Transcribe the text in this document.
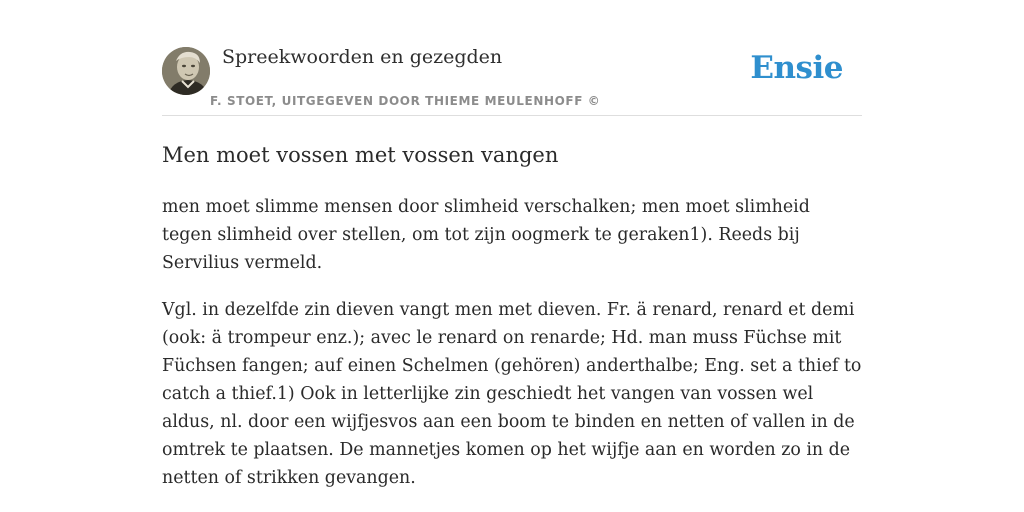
Spreekwoorden en gezegden
F. STOET, UITGEGEVEN DOOR THIEME MEULENHOFF ©
Ensie
Men moet vossen met vossen vangen

men moet slimme mensen door slimheid verschalken; men moet slimheid tegen slimheid over stellen, om tot zijn oogmerk te geraken1). Reeds bij Servilius vermeld.

Vgl. in dezelfde zin dieven vangt men met dieven. Fr. ä renard, renard et demi (ook: ä trompeur enz.); avec le renard on renarde; Hd. man muss Füchse mit Füchsen fangen; auf einen Schelmen (gehören) anderthalbe; Eng. set a thief to catch a thief.1) Ook in letterlijke zin geschiedt het vangen van vossen wel aldus, nl. door een wijfjesvos aan een boom te binden en netten of vallen in de omtrek te plaatsen. De mannetjes komen op het wijfje aan en worden zo in de netten of strikken gevangen.
